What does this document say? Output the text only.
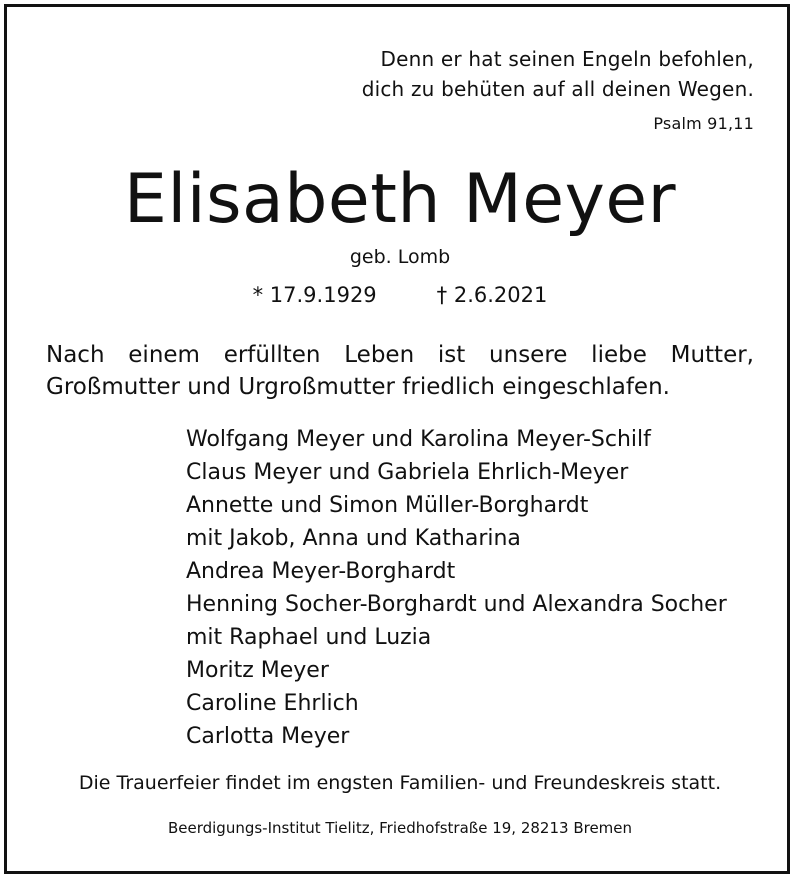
Denn er hat seinen Engeln befohlen,
dich zu behüten auf all deinen Wegen.
Psalm 91,11
Elisabeth Meyer
geb. Lomb
* 17.9.1929	† 2.6.2021
Nach einem erfüllten Leben ist unsere liebe Mutter,
Großmutter und Urgroßmutter friedlich eingeschlafen.
Wolfgang Meyer und Karolina Meyer-Schilf
Claus Meyer und Gabriela Ehrlich-Meyer
Annette und Simon Müller-Borghardt
mit Jakob, Anna und Katharina
Andrea Meyer-Borghardt
Henning Socher-Borghardt und Alexandra Socher
mit Raphael und Luzia
Moritz Meyer
Caroline Ehrlich
Carlotta Meyer
Die Trauerfeier findet im engsten Familien- und Freundeskreis statt.
Beerdigungs-Institut Tielitz, Friedhofstraße 19, 28213 Bremen
